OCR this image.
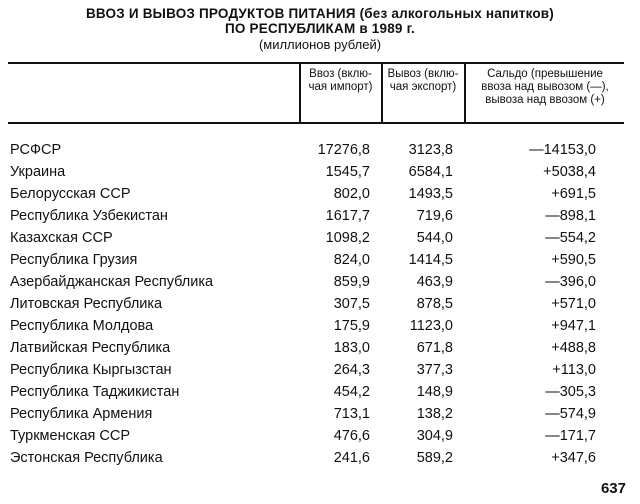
ВВОЗ И ВЫВОЗ ПРОДУКТОВ ПИТАНИЯ (без алкогольных напитков)
ПО РЕСПУБЛИКАМ в 1989 г.
(миллионов рублей)
Ввоз (вклю-
чая импорт)
Вывоз (вклю-
чая экспорт)
Сальдо (превышение
ввоза над вывозом (—),
вывоза над ввозом (+)
РСФСР	17276,8	3123,8	—14153,0
Украина	1545,7	6584,1	+5038,4
Белорусская ССР	802,0	1493,5	+691,5
Республика Узбекистан	1617,7	719,6	—898,1
Казахская ССР	1098,2	544,0	—554,2
Республика Грузия	824,0	1414,5	+590,5
Азербайджанская Республика	859,9	463,9	—396,0
Литовская Республика	307,5	878,5	+571,0
Республика Молдова	175,9	1123,0	+947,1
Латвийская Республика	183,0	671,8	+488,8
Республика Кыргызстан	264,3	377,3	+113,0
Республика Таджикистан	454,2	148,9	—305,3
Республика Армения	713,1	138,2	—574,9
Туркменская ССР	476,6	304,9	—171,7
Эстонская Республика	241,6	589,2	+347,6
637
